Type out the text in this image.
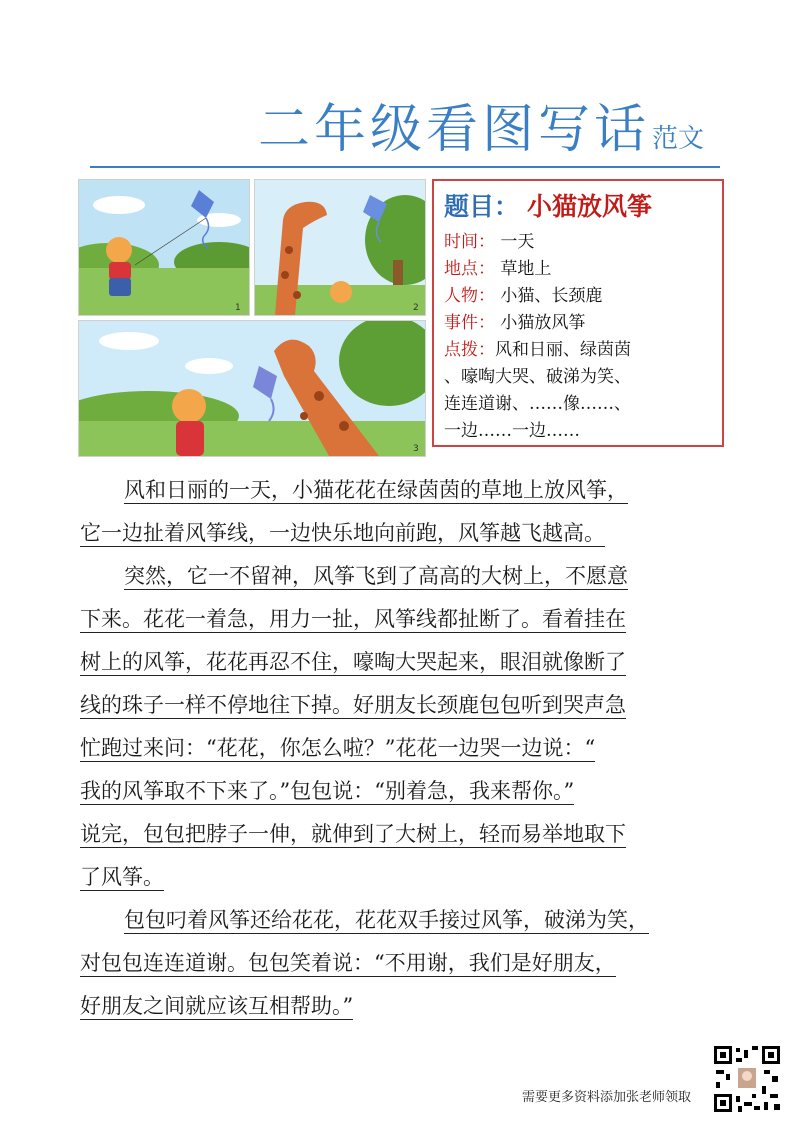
二年级看图写话 范文
1	2
3
题目： 小猫放风筝
时间： 一天
地点： 草地上
人物： 小猫、长颈鹿
事件： 小猫放风筝
点拨：风和日丽、绿茵茵
、嚎啕大哭、破涕为笑、
连连道谢、……像……、
一边……一边……
风和日丽的一天，小猫花花在绿茵茵的草地上放风筝，
它一边扯着风筝线，一边快乐地向前跑，风筝越飞越高。
突然，它一不留神，风筝飞到了高高的大树上，不愿意
下来。花花一着急，用力一扯，风筝线都扯断了。看着挂在
树上的风筝，花花再忍不住，嚎啕大哭起来，眼泪就像断了
线的珠子一样不停地往下掉。好朋友长颈鹿包包听到哭声急
忙跑过来问：“花花，你怎么啦？”花花一边哭一边说：“
我的风筝取不下来了。”包包说：“别着急，我来帮你。”
说完，包包把脖子一伸，就伸到了大树上，轻而易举地取下
了风筝。
包包叼着风筝还给花花，花花双手接过风筝，破涕为笑，
对包包连连道谢。包包笑着说：“不用谢，我们是好朋友，
好朋友之间就应该互相帮助。”
需要更多资料添加张老师领取
